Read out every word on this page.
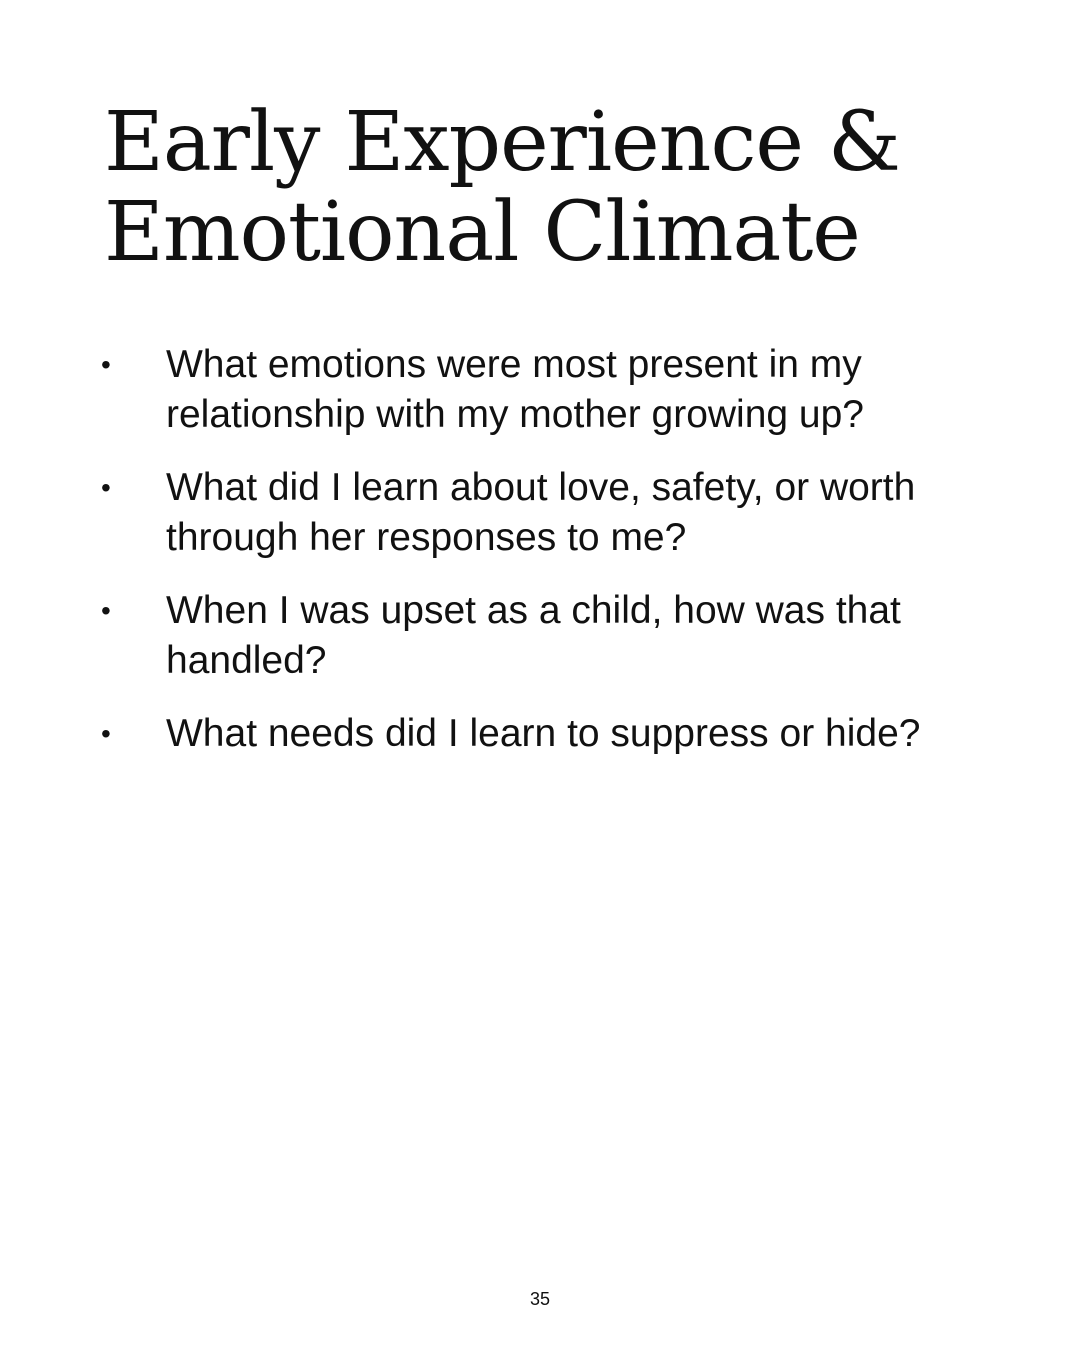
Early Experience &
Emotional Climate
• What emotions were most present in my relationship with my mother growing up?
• What did I learn about love, safety, or worth through her responses to me?
• When I was upset as a child, how was that handled?
• What needs did I learn to suppress or hide?
35
